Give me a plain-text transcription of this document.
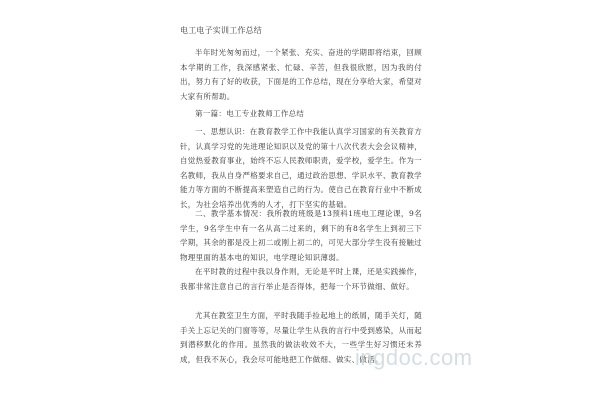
电工电子实训工作总结

半年时光匆匆而过，一个紧张、充实、奋进的学期即将结束，回顾本学期的工作，我深感紧张、忙碌、辛苦，但我很欣慰，因为我的付出，努力有了好的收获，下面是的工作总结，现在分享给大家，希望对大家有所帮助。

第一篇：电工专业教师工作总结

一、思想认识：在教育教学工作中我能认真学习国家的有关教育方针，认真学习党的先进理论知识以及党的第十八次代表大会会议精神，自觉热爱教育事业，始终不忘人民教师职责，爱学校，爱学生。作为一名教师，我从自身严格要求自己，通过政治思想、学识水平、教育教学能力等方面的不断提高来塑造自己的行为。使自己在教育行业中不断成长，为社会培养出优秀的人才，打下坚实的基础。

二、教学基本情况：我所教的班级是13预科1班电工理论课，9名学生，9名学生中有一名从高二过来的，剩下的有8名学生上到初三下学期，其余的都是没上初二或刚上初二的，可见大部分学生没有接触过物理里面的基本电的知识，电学理论知识薄弱。

在平时教的过程中我以身作则，无论是平时上课，还是实践操作，我都非常注意自己的言行举止是否得体，把每一个环节做细、做好。

尤其在教室卫生方面，平时我随手捡起地上的纸屑，随手关灯，随手关上忘记关的门窗等等，尽量让学生从我的言行中受到感染，从而起到潜移默化的作用。虽然我的做法收效不大，一些学生好习惯还未养成，但我不灰心，我会尽可能地把工作做细、做实、做活。

ingdoc.com
